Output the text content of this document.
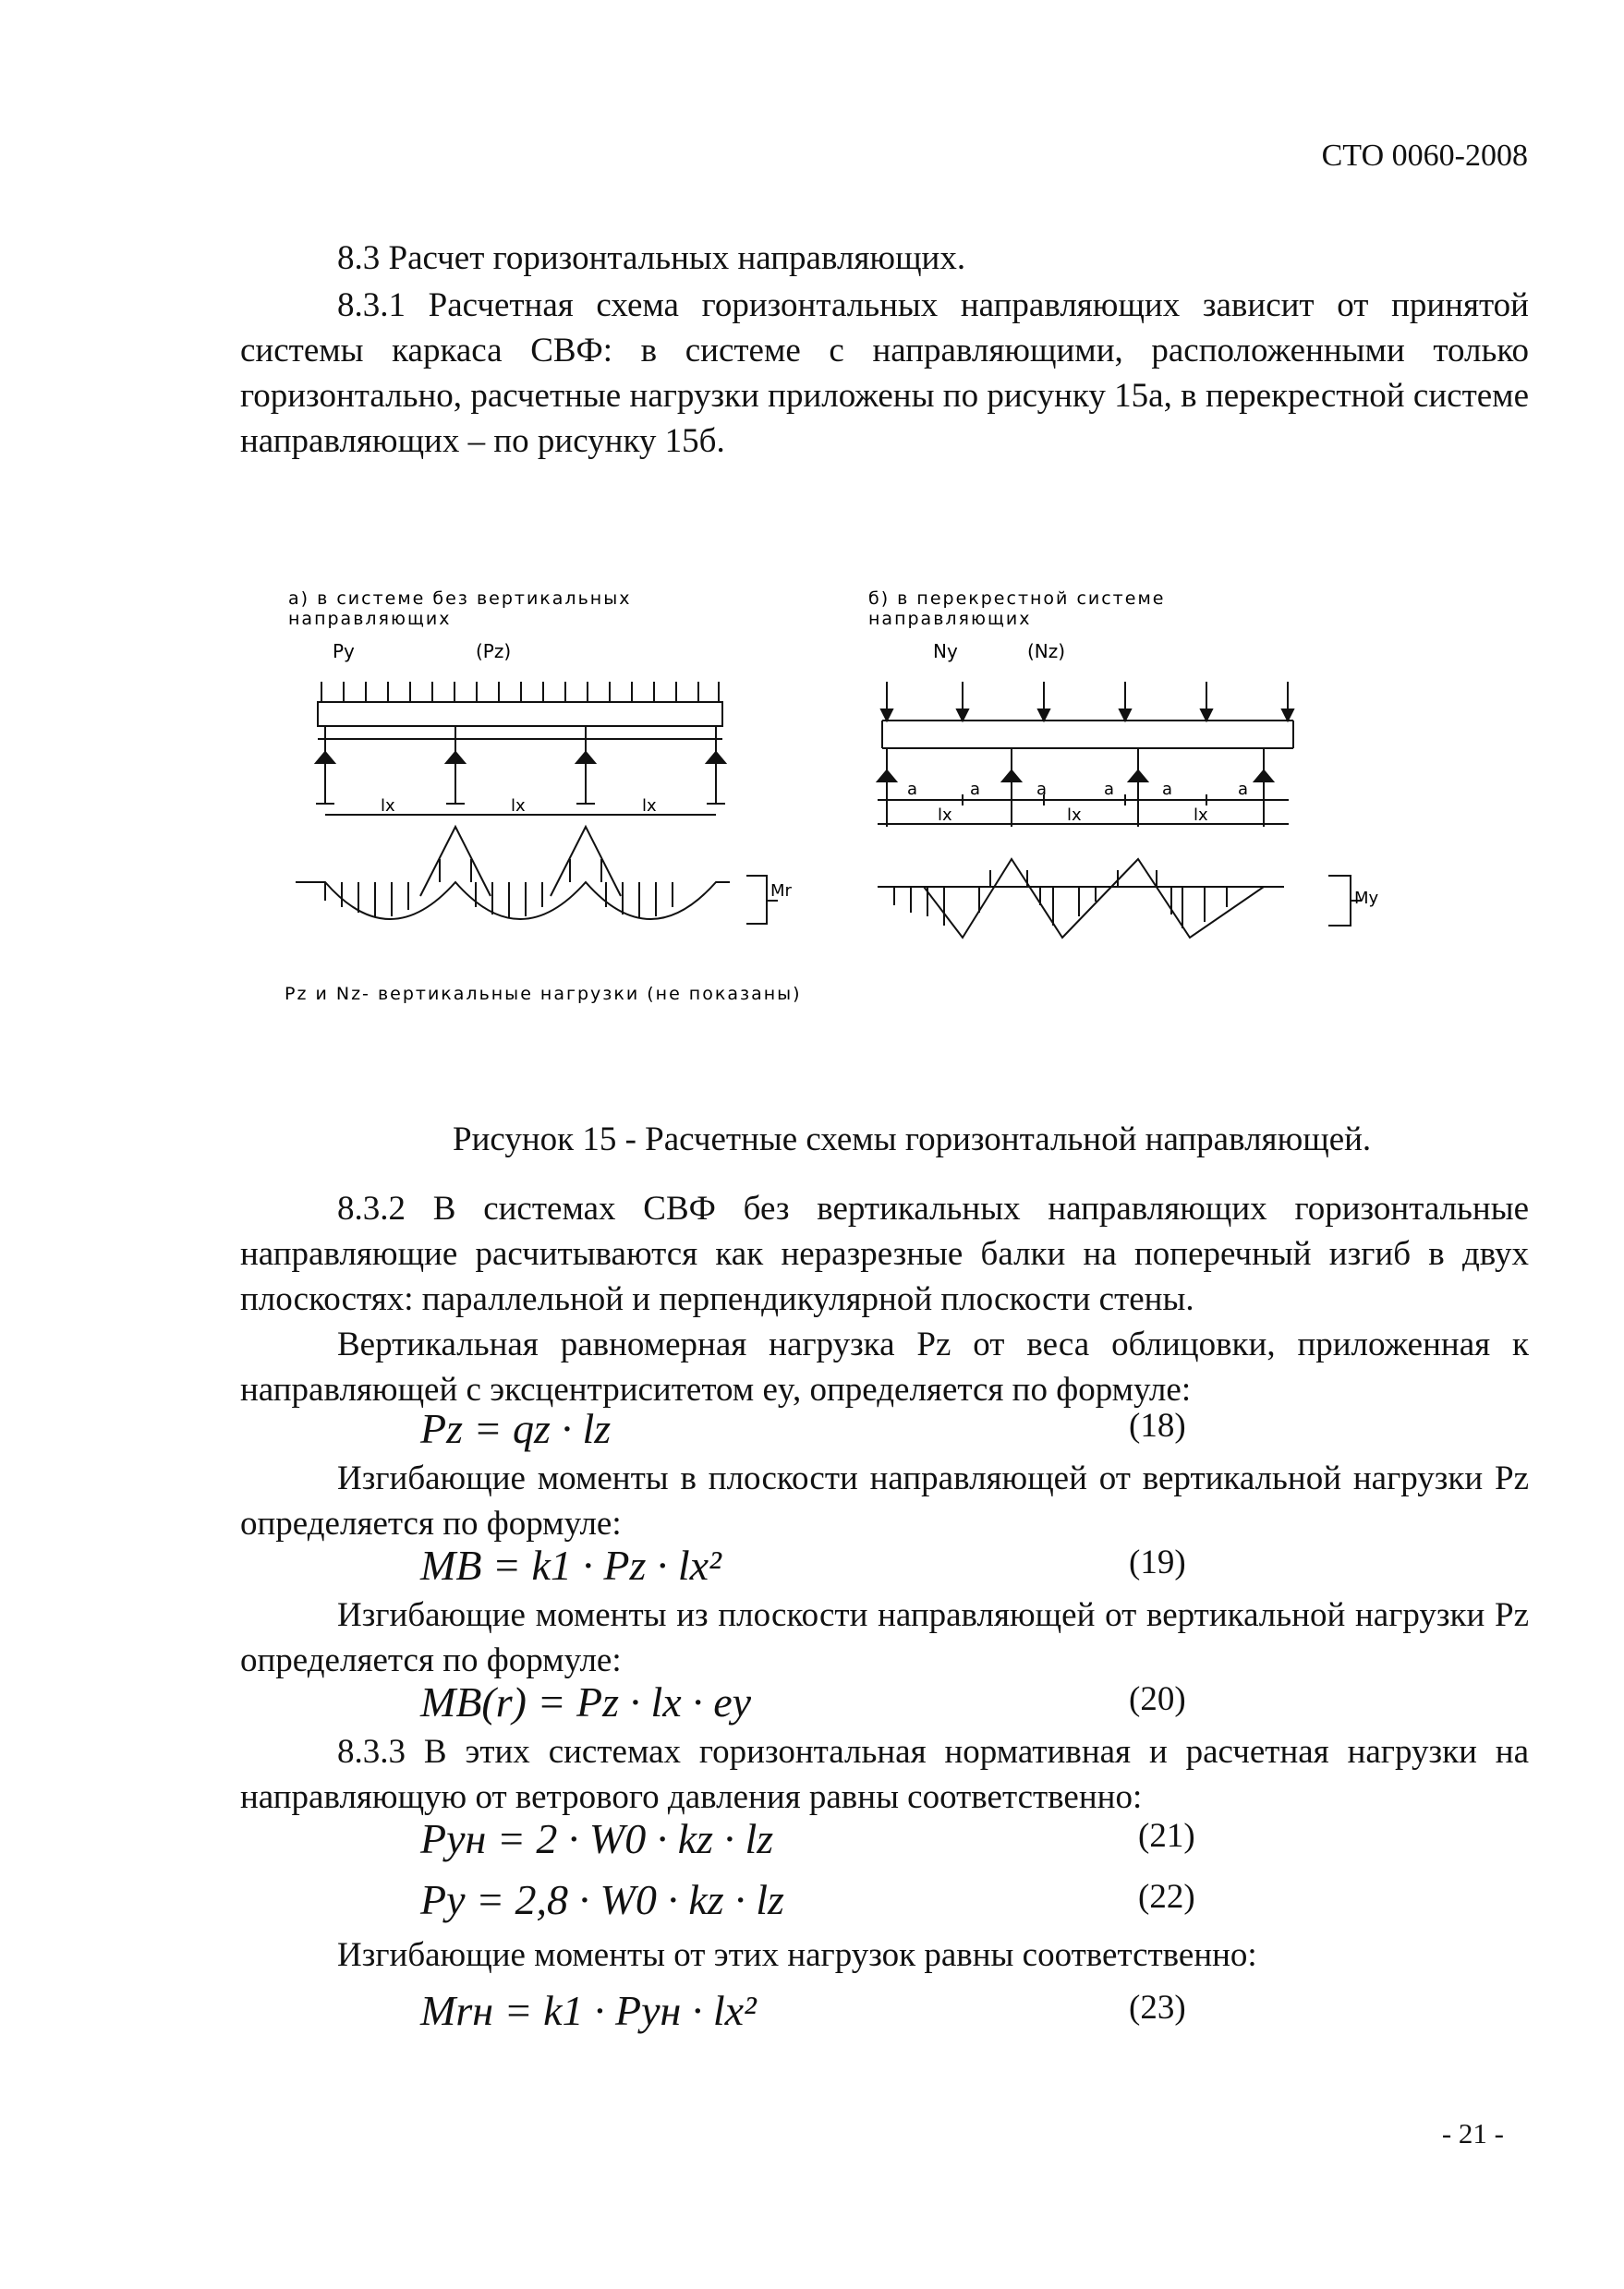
СТО 0060-2008
8.3 Расчет горизонтальных направляющих.
8.3.1 Расчетная схема горизонтальных направляющих зависит от принятой системы каркаса СВФ: в системе с направляющими, расположенными только горизонтально, расчетные нагрузки приложены по рисунку 15а, в перекрестной системе направляющих – по рисунку 15б.
а) в системе без вертикальных
направляющих
б) в перекрестной системе
направляющих
Py	(Pz)	Ny	(Nz)
lx	lx	lx
a	a	a	a	a	a
lx	lx	lx
Mr	My
Pz и Nz- вертикальные нагрузки (не показаны)
Рисунок 15 - Расчетные схемы горизонтальной направляющей.
8.3.2 В системах СВФ без вертикальных направляющих горизонтальные направляющие расчитываются как неразрезные балки на поперечный изгиб в двух плоскостях: параллельной и перпендикулярной плоскости стены.
Вертикальная равномерная нагрузка Pz от веса облицовки, приложенная к направляющей с эксцентриситетом ey, определяется по формуле:
Pz = qz · lz	(18)
Изгибающие моменты в плоскости направляющей от вертикальной нагрузки Pz определяется по формуле:
MB = k1 · Pz · lx²	(19)
Изгибающие моменты из плоскости направляющей от вертикальной нагрузки Pz определяется по формуле:
MB(r) = Pz · lx · ey	(20)
8.3.3 В этих системах горизонтальная нормативная и расчетная нагрузки на направляющую от ветрового давления равны соответственно:
Pyн = 2 · W0 · kz · lz	(21)
Py = 2,8 · W0 · kz · lz	(22)
Изгибающие моменты от этих нагрузок равны соответственно:
Mrн = k1 · Pyн · lx²	(23)
- 21 -
